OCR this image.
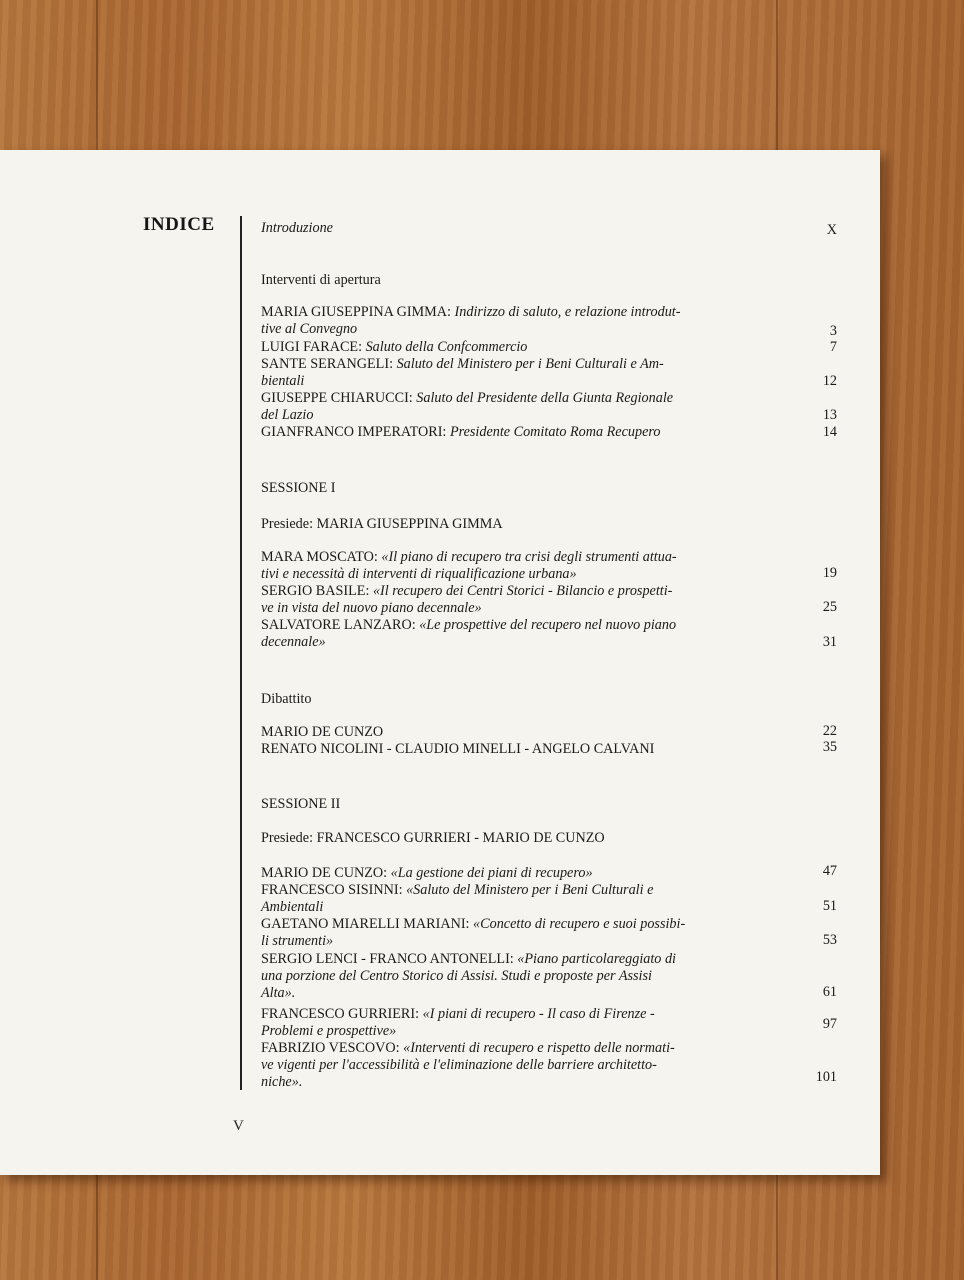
INDICE	Introduzione	X
Interventi di apertura
MARIA GIUSEPPINA GIMMA: Indirizzo di saluto, e relazione introdut-
tive al Convegno	3
LUIGI FARACE: Saluto della Confcommercio	7
SANTE SERANGELI: Saluto del Ministero per i Beni Culturali e Am-
bientali	12
GIUSEPPE CHIARUCCI: Saluto del Presidente della Giunta Regionale
del Lazio	13
GIANFRANCO IMPERATORI: Presidente Comitato Roma Recupero	14
SESSIONE I
Presiede: MARIA GIUSEPPINA GIMMA
MARA MOSCATO: «Il piano di recupero tra crisi degli strumenti attua-
tivi e necessità di interventi di riqualificazione urbana»	19
SERGIO BASILE: «Il recupero dei Centri Storici - Bilancio e prospetti-
ve in vista del nuovo piano decennale»	25
SALVATORE LANZARO: «Le prospettive del recupero nel nuovo piano
decennale»	31
Dibattito
MARIO DE CUNZO	22
RENATO NICOLINI - CLAUDIO MINELLI - ANGELO CALVANI	35
SESSIONE II
Presiede: FRANCESCO GURRIERI - MARIO DE CUNZO
MARIO DE CUNZO: «La gestione dei piani di recupero»	47
FRANCESCO SISINNI: «Saluto del Ministero per i Beni Culturali e
Ambientali	51
GAETANO MIARELLI MARIANI: «Concetto di recupero e suoi possibi-
li strumenti»	53
SERGIO LENCI - FRANCO ANTONELLI: «Piano particolareggiato di
una porzione del Centro Storico di Assisi. Studi e proposte per Assisi
Alta».	61
FRANCESCO GURRIERI: «I piani di recupero - Il caso di Firenze -
Problemi e prospettive»	97
FABRIZIO VESCOVO: «Interventi di recupero e rispetto delle normati-
ve vigenti per l'accessibilità e l'eliminazione delle barriere architetto-
niche».	101
V
